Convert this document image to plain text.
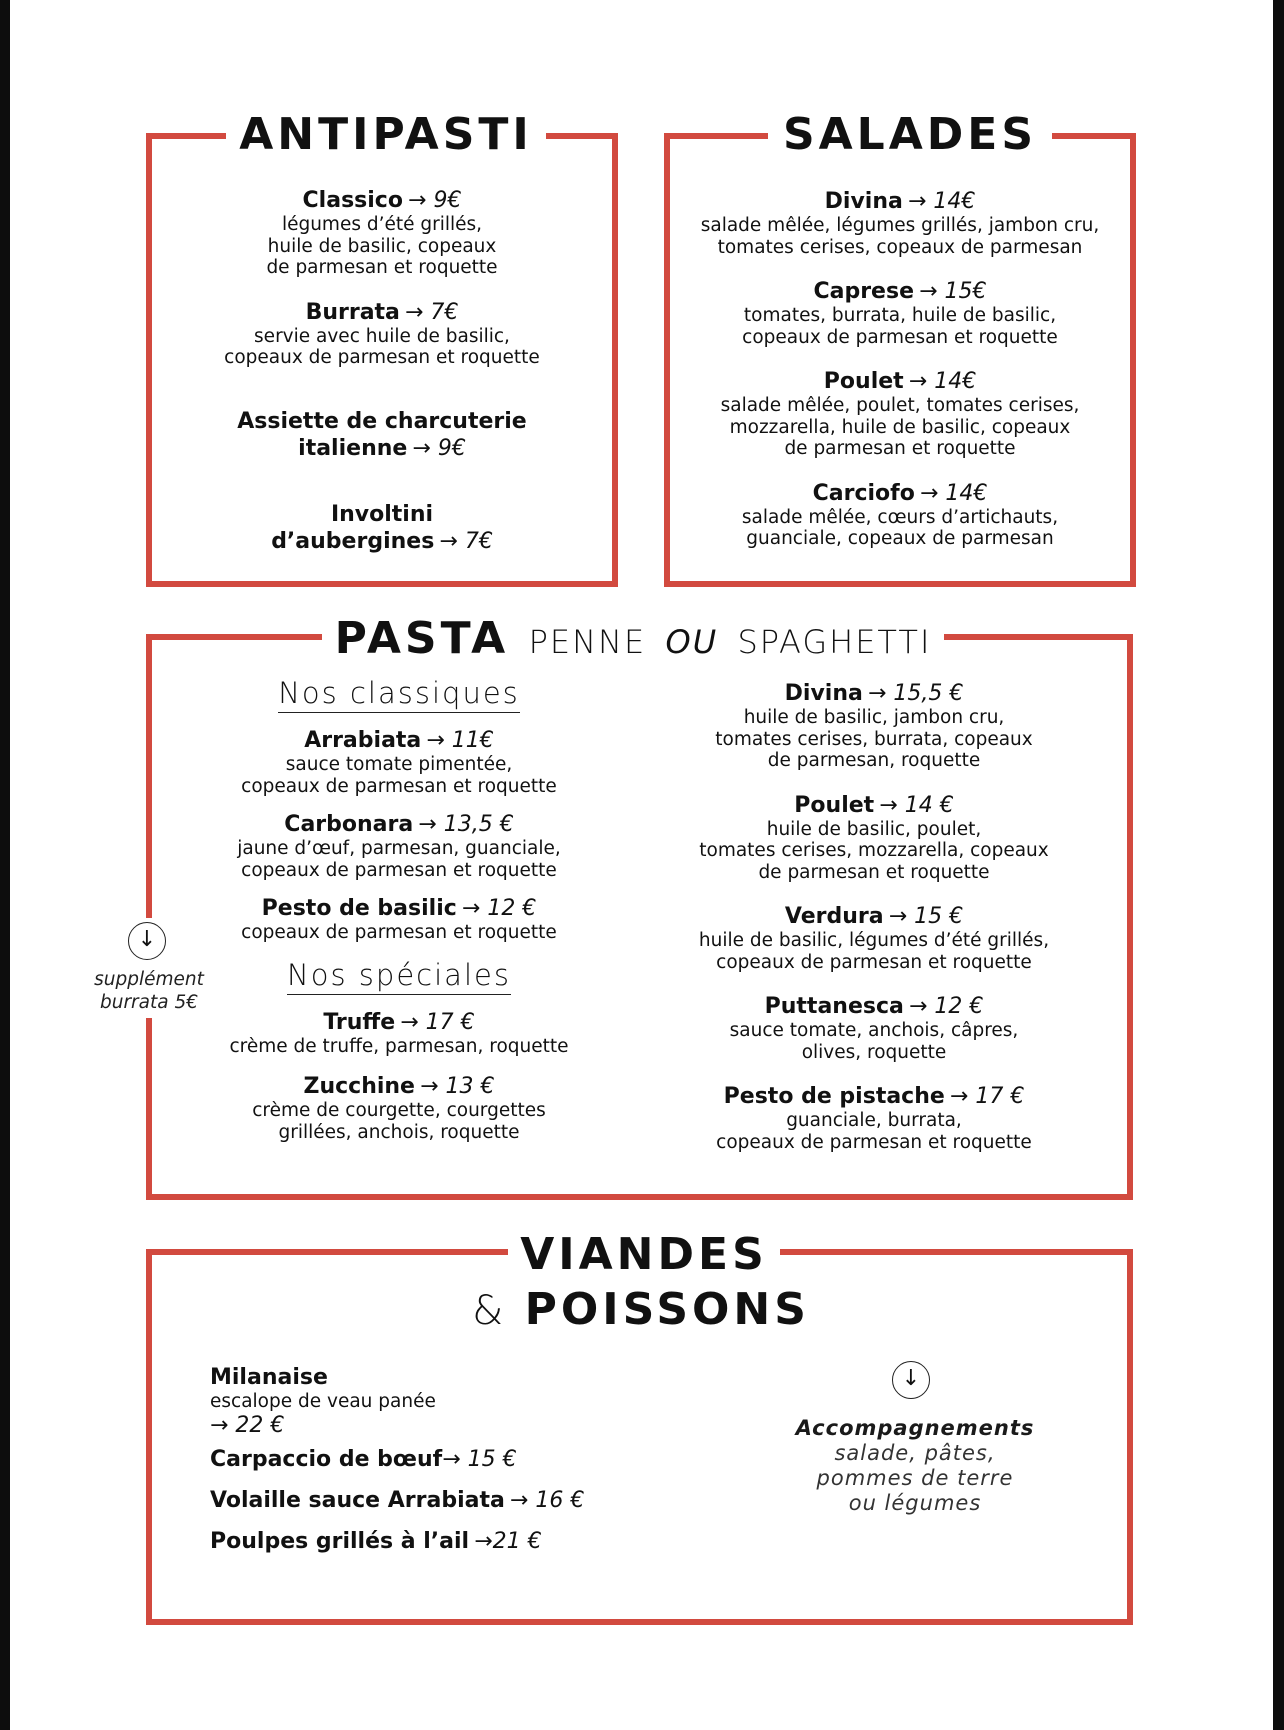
ANTIPASTI
Classico → 9€
légumes d’été grillés,
huile de basilic, copeaux
de parmesan et roquette
Burrata → 7€
servie avec huile de basilic,
copeaux de parmesan et roquette

Assiette de charcuterie
italienne → 9€

Involtini
d’aubergines → 7€

SALADES
Divina → 14€
salade mêlée, légumes grillés, jambon cru,
tomates cerises, copeaux de parmesan
Caprese → 15€
tomates, burrata, huile de basilic,
copeaux de parmesan et roquette
Poulet → 14€
salade mêlée, poulet, tomates cerises,
mozzarella, huile de basilic, copeaux
de parmesan et roquette
Carciofo → 14€
salade mêlée, cœurs d’artichauts,
guanciale, copeaux de parmesan
PASTA PENNE OU SPAGHETTI
Nos classiques
Arrabiata → 11€
sauce tomate pimentée,
copeaux de parmesan et roquette
Carbonara → 13,5 €
jaune d’œuf, parmesan, guanciale,
copeaux de parmesan et roquette
Pesto de basilic → 12 €
copeaux de parmesan et roquette
Nos spéciales
Truffe → 17 €
crème de truffe, parmesan, roquette
Zucchine → 13 €
crème de courgette, courgettes
grillées, anchois, roquette
Divina → 15,5 €
huile de basilic, jambon cru,
tomates cerises, burrata, copeaux
de parmesan, roquette
Poulet → 14 €
huile de basilic, poulet,
tomates cerises, mozzarella, copeaux
de parmesan et roquette
Verdura → 15 €
huile de basilic, légumes d’été grillés,
copeaux de parmesan et roquette
Puttanesca → 12 €
sauce tomate, anchois, câpres,
olives, roquette
Pesto de pistache → 17 €
guanciale, burrata,
copeaux de parmesan et roquette
↓
supplément
burrata 5€
VIANDES
& POISSONS
Milanaise
escalope de veau panée
→ 22 €
Carpaccio de bœuf→ 15 €
Volaille sauce Arrabiata → 16 €
Poulpes grillés à l’ail →21 €
↓
Accompagnements
salade, pâtes,
pommes de terre
ou légumes
